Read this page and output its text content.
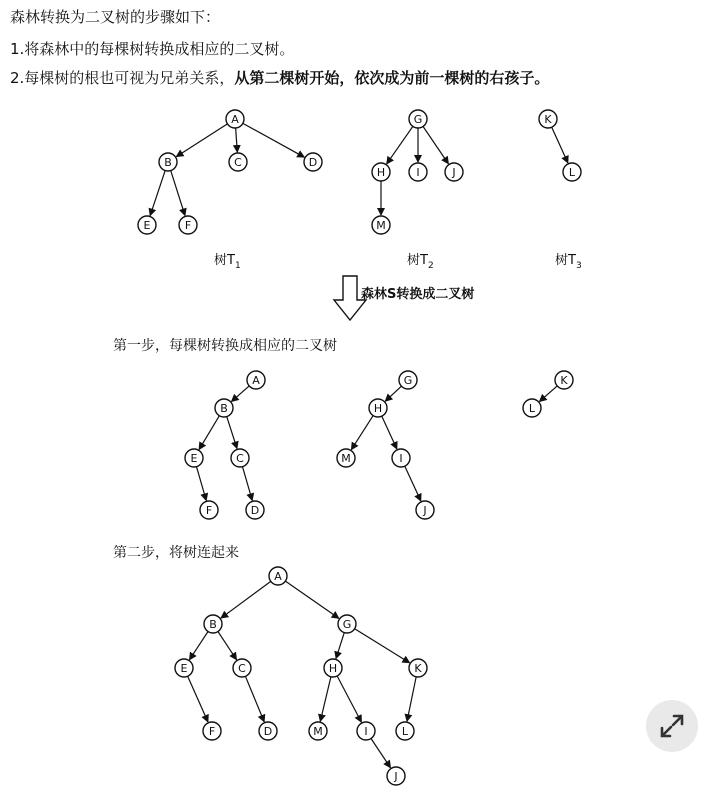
森林转换为二叉树的步骤如下：
1.将森林中的每棵树转换成相应的二叉树。
2.每棵树的根也可视为兄弟关系，从第二棵树开始，依次成为前一棵树的右孩子。
树$T_1$	树$T_2$	树$T_3$
森林S转换成二叉树
第一步，每棵树转换成相应的二叉树
第二步，将树连起来
A
B	C	D
E	F
G
H	I	J
M
K
L
A
B
E	C
F	D
G
H
M	I
J
K
L
A
B	G
E	C	H	K
F	D	M	I	L
J
